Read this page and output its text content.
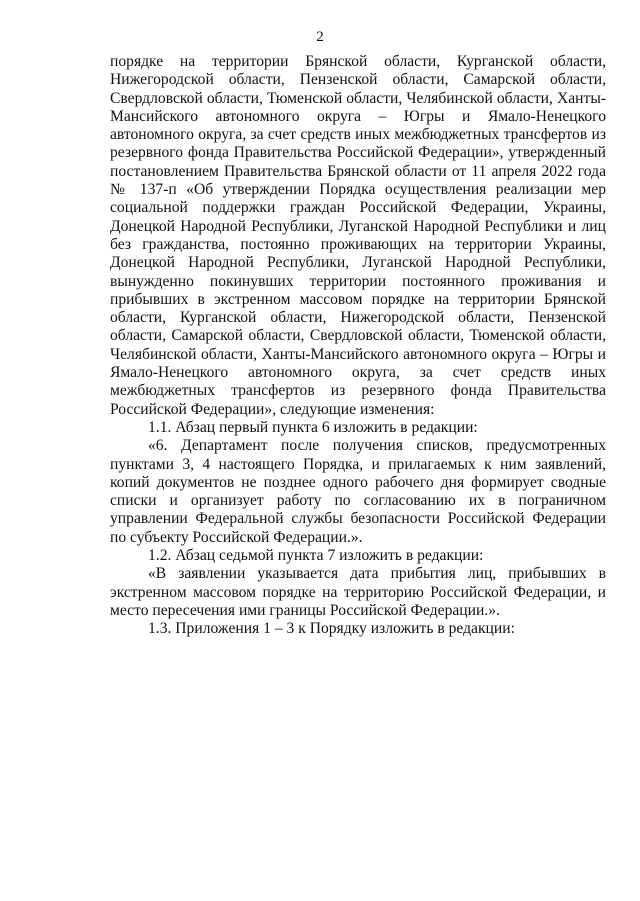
2

порядке на территории Брянской области, Курганской области, Нижегородской области, Пензенской области, Самарской области, Свердловской области, Тюменской области, Челябинской области, Ханты-Мансийского автономного округа – Югры и Ямало-Ненецкого автономного округа, за счет средств иных межбюджетных трансфертов из резервного фонда Правительства Российской Федерации», утвержденный постановлением Правительства Брянской области от 11 апреля 2022 года № 137-п «Об утверждении Порядка осуществления реализации мер социальной поддержки граждан Российской Федерации, Украины, Донецкой Народной Республики, Луганской Народной Республики и лиц без гражданства, постоянно проживающих на территории Украины, Донецкой Народной Республики, Луганской Народной Республики, вынужденно покинувших территории постоянного проживания и прибывших в экстренном массовом порядке на территории Брянской области, Курганской области, Нижегородской области, Пензенской области, Самарской области, Свердловской области, Тюменской области, Челябинской области, Ханты-Мансийского автономного округа – Югры и Ямало-Ненецкого автономного округа, за счет средств иных межбюджетных трансфертов из резервного фонда Правительства Российской Федерации», следующие изменения:

1.1. Абзац первый пункта 6 изложить в редакции:

«6. Департамент после получения списков, предусмотренных пунктами 3, 4 настоящего Порядка, и прилагаемых к ним заявлений, копий документов не позднее одного рабочего дня формирует сводные списки и организует работу по согласованию их в пограничном управлении Федеральной службы безопасности Российской Федерации по субъекту Российской Федерации.».

1.2. Абзац седьмой пункта 7 изложить в редакции:

«В заявлении указывается дата прибытия лиц, прибывших в экстренном массовом порядке на территорию Российской Федерации, и место пересечения ими границы Российской Федерации.».

1.3. Приложения 1 – 3 к Порядку изложить в редакции:
